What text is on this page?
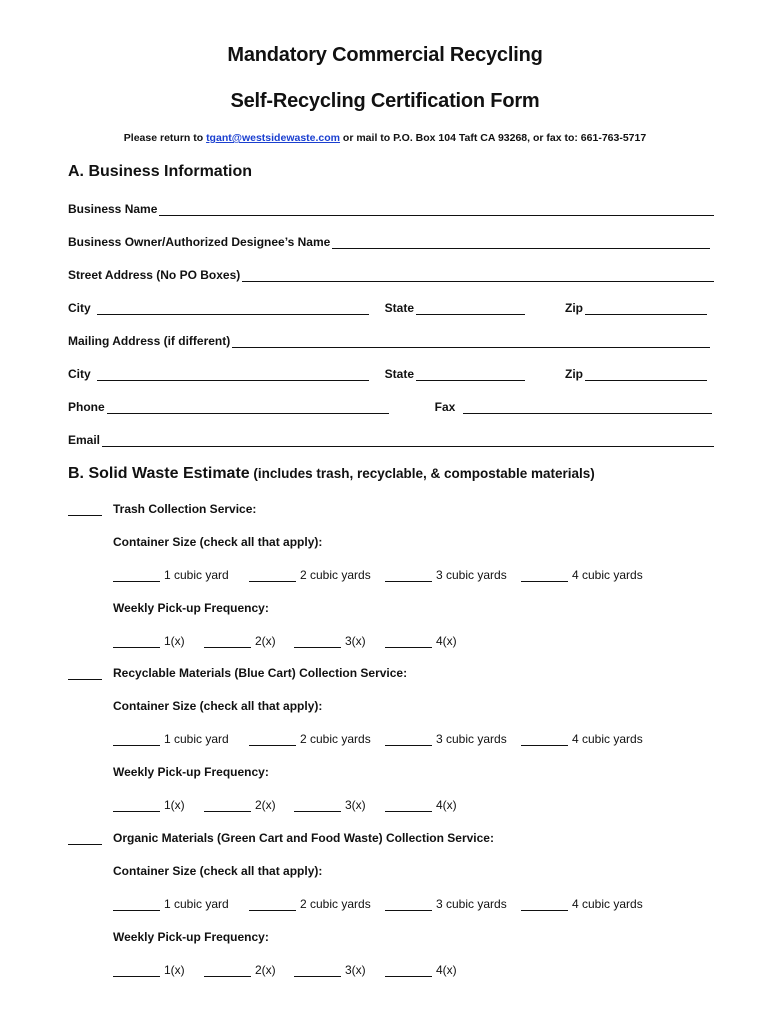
Mandatory Commercial Recycling
Self-Recycling Certification Form
Please return to tgant@westsidewaste.com or mail to P.O. Box 104 Taft CA 93268, or fax to: 661-763-5717
A. Business Information
Business Name
Business Owner/Authorized Designee’s Name
Street Address (No PO Boxes)
City	State	Zip
Mailing Address (if different)
City	State	Zip
Phone	Fax
Email
B. Solid Waste Estimate (includes trash, recyclable, & compostable materials)
Trash Collection Service:
Container Size (check all that apply):
1 cubic yard	2 cubic yards	3 cubic yards	4 cubic yards
Weekly Pick-up Frequency:
1(x)	2(x)	3(x)	4(x)
Recyclable Materials (Blue Cart) Collection Service:
Container Size (check all that apply):
1 cubic yard	2 cubic yards	3 cubic yards	4 cubic yards
Weekly Pick-up Frequency:
1(x)	2(x)	3(x)	4(x)
Organic Materials (Green Cart and Food Waste) Collection Service:
Container Size (check all that apply):
1 cubic yard	2 cubic yards	3 cubic yards	4 cubic yards
Weekly Pick-up Frequency:
1(x)	2(x)	3(x)	4(x)
